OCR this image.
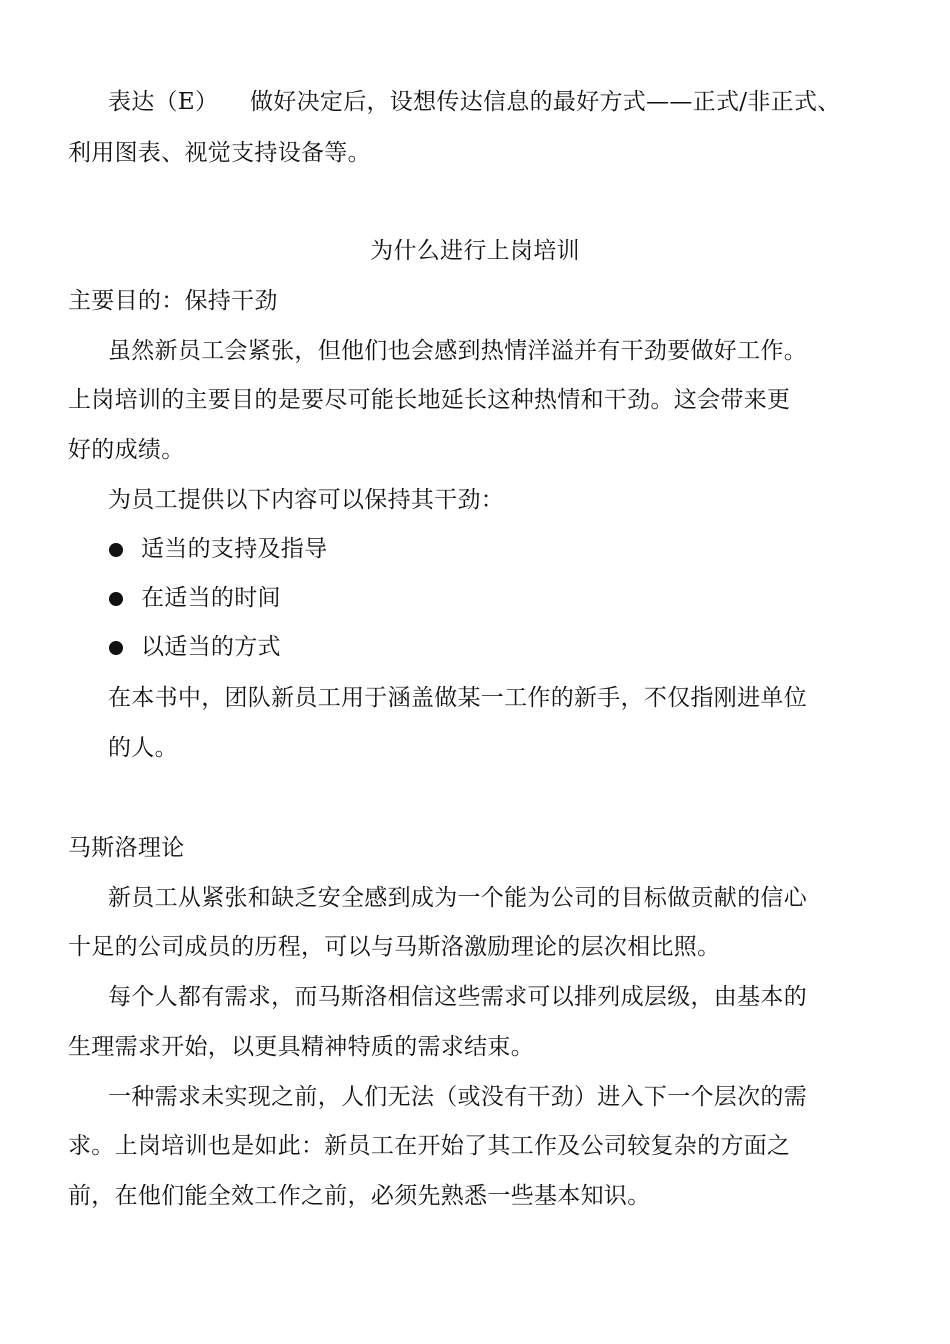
表达（E） 做好决定后，设想传达信息的最好方式——正式/非正式、
利用图表、视觉支持设备等。
为什么进行上岗培训
主要目的：保持干劲
虽然新员工会紧张，但他们也会感到热情洋溢并有干劲要做好工作。
上岗培训的主要目的是要尽可能长地延长这种热情和干劲。这会带来更
好的成绩。
为员工提供以下内容可以保持其干劲：
适当的支持及指导
在适当的时间
以适当的方式
在本书中，团队新员工用于涵盖做某一工作的新手，不仅指刚进单位
的人。
马斯洛理论
新员工从紧张和缺乏安全感到成为一个能为公司的目标做贡献的信心
十足的公司成员的历程，可以与马斯洛激励理论的层次相比照。
每个人都有需求，而马斯洛相信这些需求可以排列成层级，由基本的
生理需求开始，以更具精神特质的需求结束。
一种需求未实现之前，人们无法（或没有干劲）进入下一个层次的需
求。上岗培训也是如此：新员工在开始了其工作及公司较复杂的方面之
前，在他们能全效工作之前，必须先熟悉一些基本知识。
